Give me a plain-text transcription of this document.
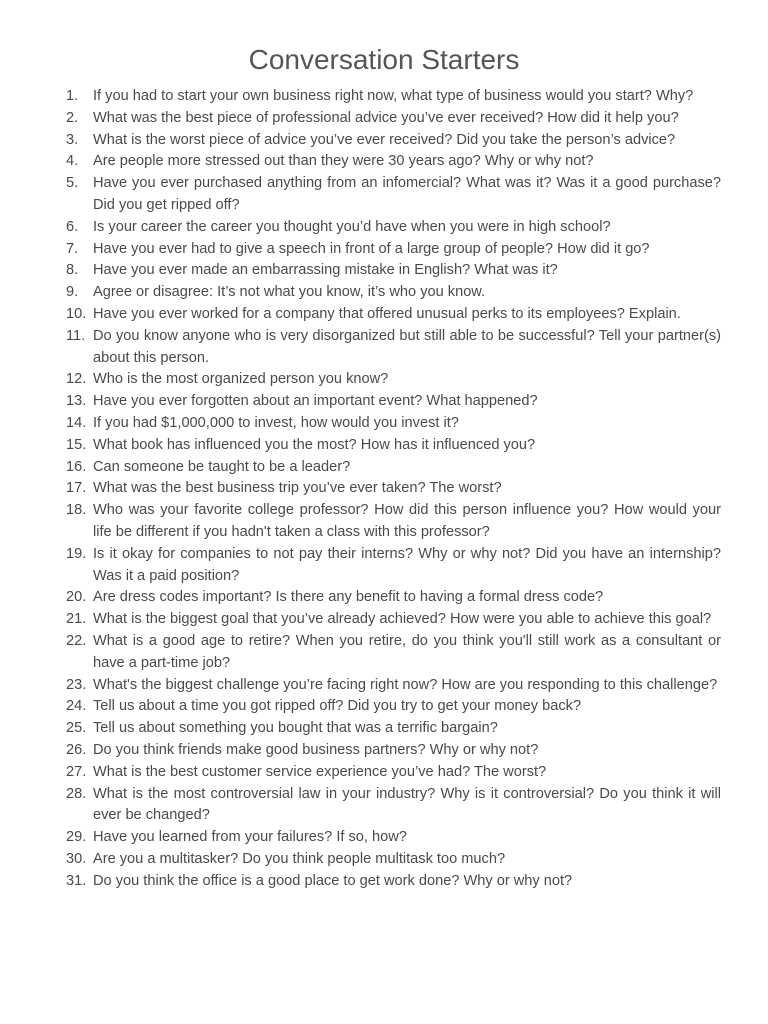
Conversation Starters
1. If you had to start your own business right now, what type of business would you start? Why?
2. What was the best piece of professional advice you’ve ever received? How did it help you?
3. What is the worst piece of advice you’ve ever received? Did you take the person’s advice?
4. Are people more stressed out than they were 30 years ago? Why or why not?
5. Have you ever purchased anything from an infomercial? What was it? Was it a good purchase? Did you get ripped off?
6. Is your career the career you thought you’d have when you were in high school?
7. Have you ever had to give a speech in front of a large group of people? How did it go?
8. Have you ever made an embarrassing mistake in English? What was it?
9. Agree or disagree: It’s not what you know, it’s who you know.
10. Have you ever worked for a company that offered unusual perks to its employees? Explain.
11. Do you know anyone who is very disorganized but still able to be successful? Tell your partner(s) about this person.
12. Who is the most organized person you know?
13. Have you ever forgotten about an important event? What happened?
14. If you had $1,000,000 to invest, how would you invest it?
15. What book has influenced you the most? How has it influenced you?
16. Can someone be taught to be a leader?
17. What was the best business trip you’ve ever taken? The worst?
18. Who was your favorite college professor? How did this person influence you? How would your life be different if you hadn't taken a class with this professor?
19. Is it okay for companies to not pay their interns? Why or why not? Did you have an internship? Was it a paid position?
20. Are dress codes important? Is there any benefit to having a formal dress code?
21. What is the biggest goal that you’ve already achieved? How were you able to achieve this goal?
22. What is a good age to retire? When you retire, do you think you'll still work as a consultant or have a part-time job?
23. What's the biggest challenge you’re facing right now? How are you responding to this challenge?
24. Tell us about a time you got ripped off? Did you try to get your money back?
25. Tell us about something you bought that was a terrific bargain?
26. Do you think friends make good business partners? Why or why not?
27. What is the best customer service experience you’ve had? The worst?
28. What is the most controversial law in your industry? Why is it controversial? Do you think it will ever be changed?
29. Have you learned from your failures? If so, how?
30. Are you a multitasker? Do you think people multitask too much?
31. Do you think the office is a good place to get work done? Why or why not?
